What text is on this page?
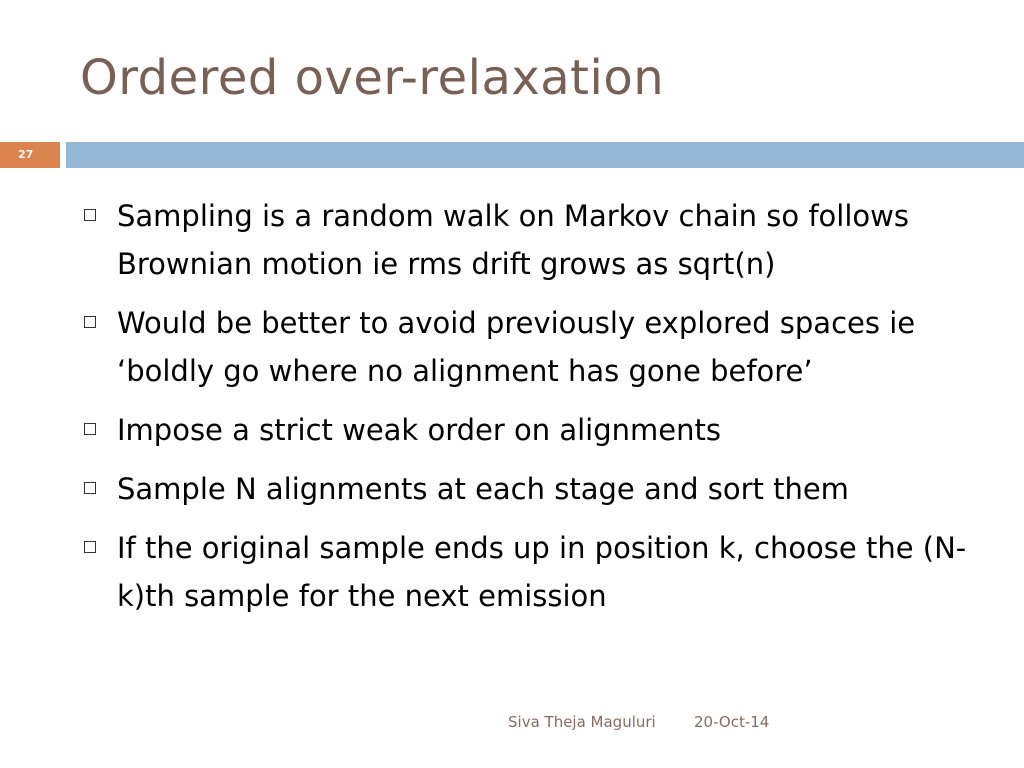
Ordered over-relaxation
27
Sampling is a random walk on Markov chain so follows Brownian motion ie rms drift grows as sqrt(n)
Would be better to avoid previously explored spaces ie ‘boldly go where no alignment has gone before’
Impose a strict weak order on alignments
Sample N alignments at each stage and sort them
If the original sample ends up in position k, choose the (N-k)th sample for the next emission
Siva Theja Maguluri	20-Oct-14
